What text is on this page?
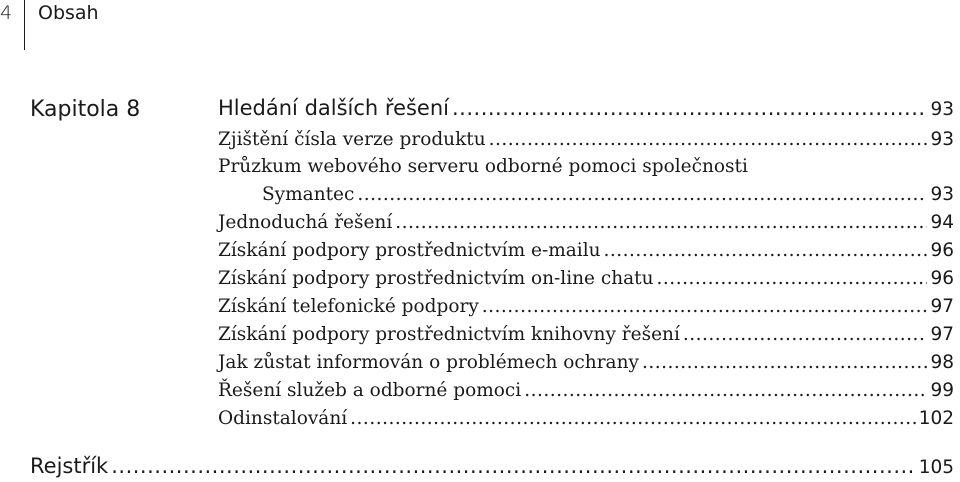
4 Obsah
Kapitola 8	Hledání dalších řešení .....	93
Zjištění čísla verze produktu .....	93
Průzkum webového serveru odborné pomoci společnosti
Symantec .....	93
Jednoduchá řešení .....	94
Získání podpory prostřednictvím e-mailu .....	96
Získání podpory prostřednictvím on-line chatu .....	96
Získání telefonické podpory .....	97
Získání podpory prostřednictvím knihovny řešení .....	97
Jak zůstat informován o problémech ochrany .....	98
Řešení služeb a odborné pomoci .....	99
Odinstalování .....	102
Rejstřík .....	105
